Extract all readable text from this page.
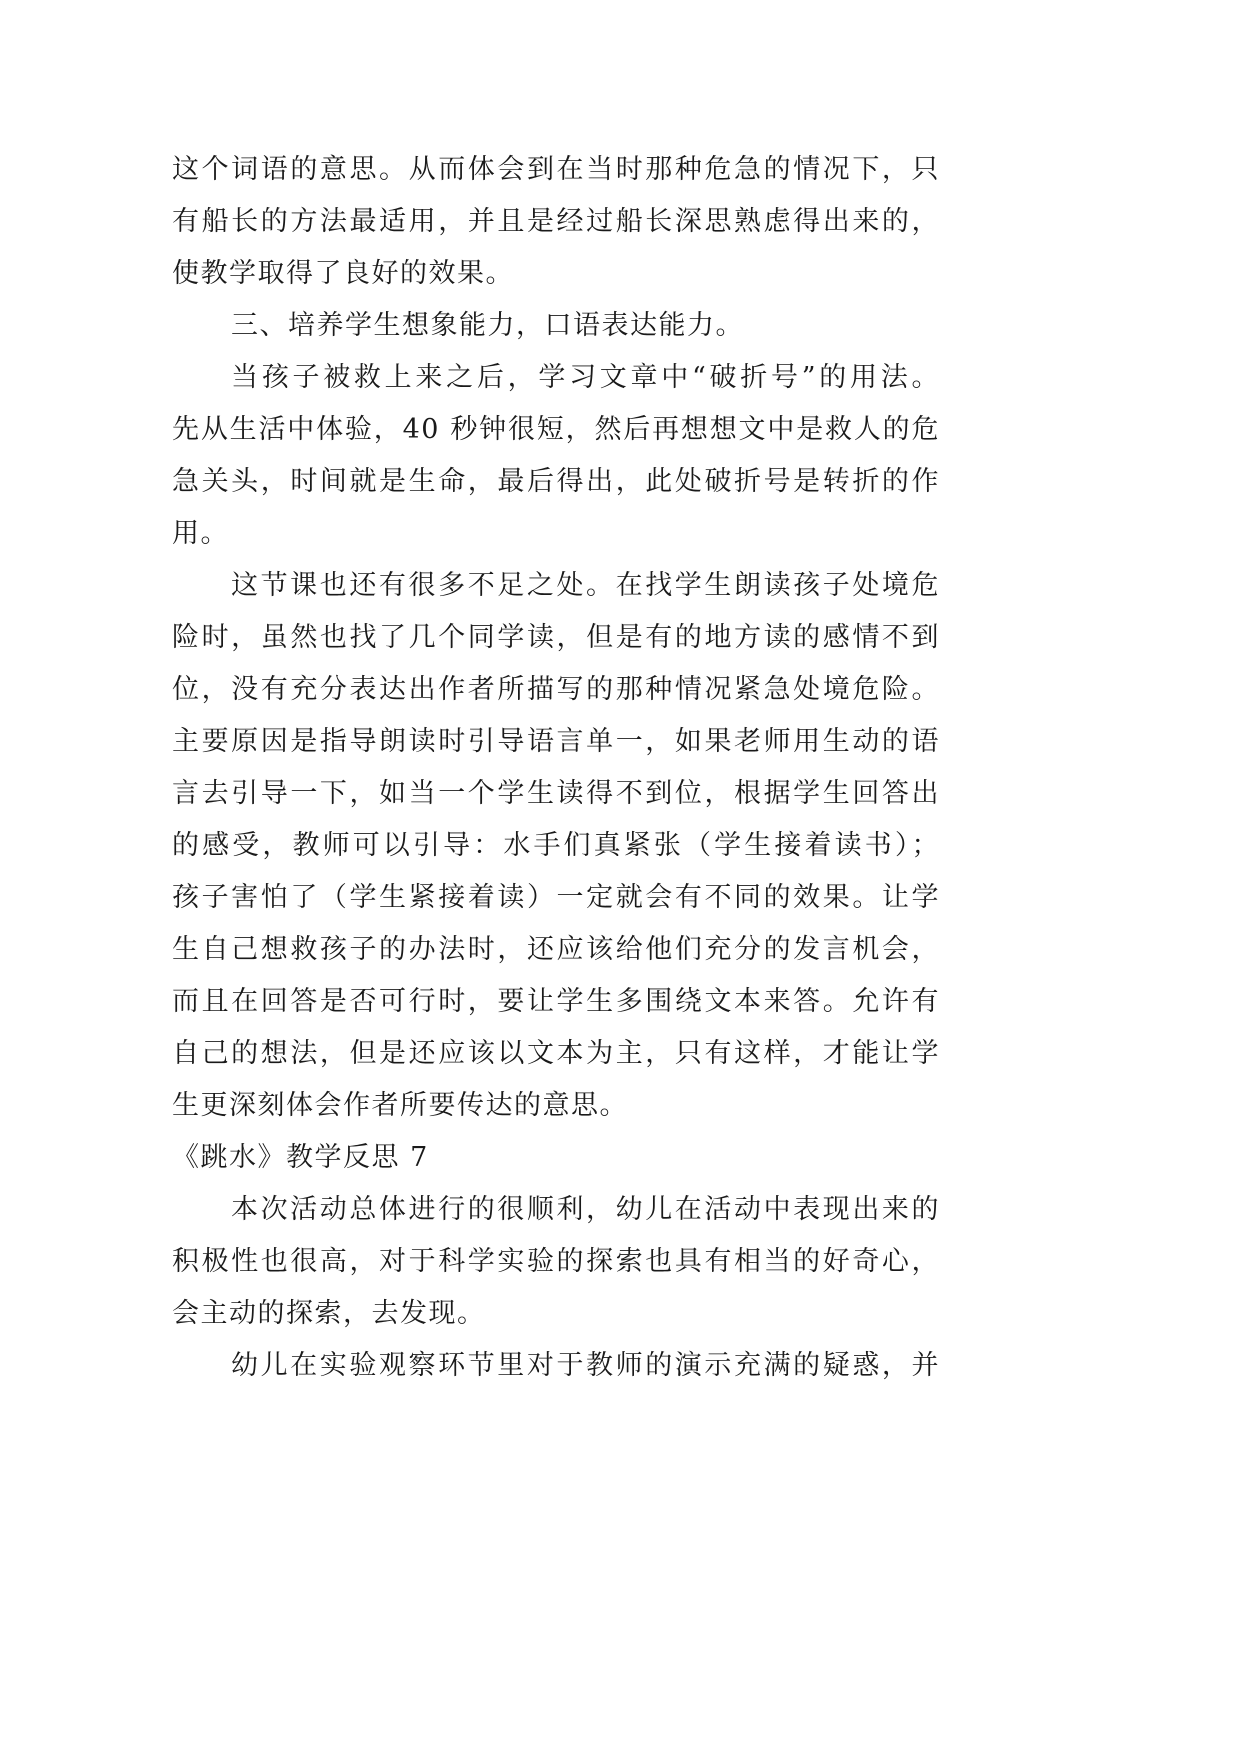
这个词语的意思。从而体会到在当时那种危急的情况下，只
有船长的方法最适用，并且是经过船长深思熟虑得出来的，
使教学取得了良好的效果。
三、培养学生想象能力，口语表达能力。
当孩子被救上来之后，学习文章中“破折号”的用法。
先从生活中体验，40 秒钟很短，然后再想想文中是救人的危
急关头，时间就是生命，最后得出，此处破折号是转折的作
用。
这节课也还有很多不足之处。在找学生朗读孩子处境危
险时，虽然也找了几个同学读，但是有的地方读的感情不到
位，没有充分表达出作者所描写的那种情况紧急处境危险。
主要原因是指导朗读时引导语言单一，如果老师用生动的语
言去引导一下，如当一个学生读得不到位，根据学生回答出
的感受，教师可以引导：水手们真紧张（学生接着读书）；
孩子害怕了（学生紧接着读）一定就会有不同的效果。让学
生自己想救孩子的办法时，还应该给他们充分的发言机会，
而且在回答是否可行时，要让学生多围绕文本来答。允许有
自己的想法，但是还应该以文本为主，只有这样，才能让学
生更深刻体会作者所要传达的意思。
《跳水》教学反思 7
本次活动总体进行的很顺利，幼儿在活动中表现出来的
积极性也很高，对于科学实验的探索也具有相当的好奇心，
会主动的探索，去发现。
幼儿在实验观察环节里对于教师的演示充满的疑惑，并
